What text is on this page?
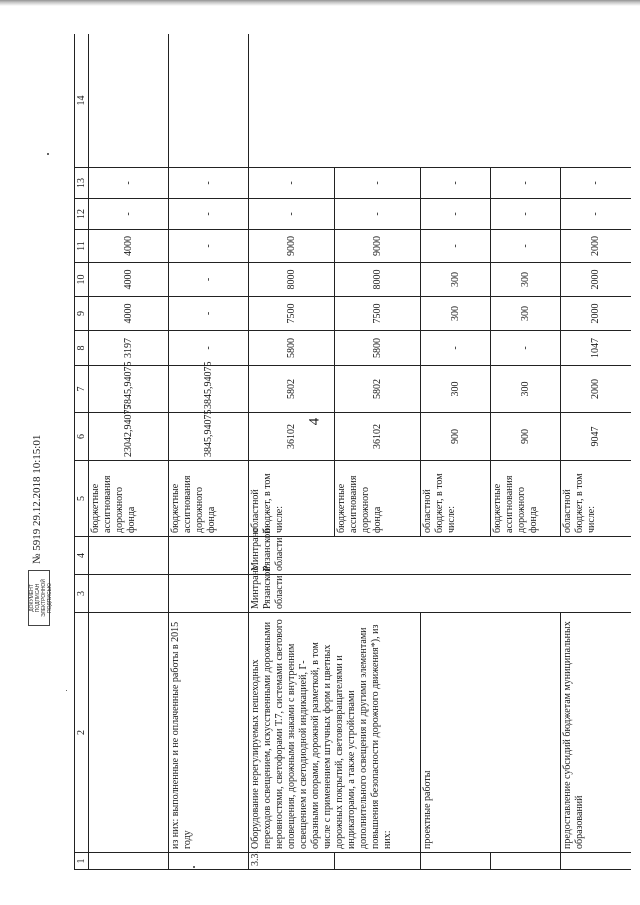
4
1	2	3	4	5	6	7	8	9	10	11	12	13	14
				бюджетные ассигнования дорожного фонда	23042,94075	7845,94075	3197	4000	4000	4000	-	-	
	из них: выполненные и не оплаченные работы в 2015 году			бюджетные ассигнования дорожного фонда	3845,94075	3845,94075	-	-	-	-	-	-	
3.3.	Оборудование нерегулируемых пешеходных переходов освещением, искусственными дорожными неровностями, светофорами Т.7, системами светового оповещения, дорожными знаками с внутренним освещением и светодиодной индикацией, Г-образными опорами, дорожной разметкой, в том числе с применением штучных форм и цветных дорожных покрытий, световозвращателями и индикаторами, а также устройствами дополнительного освещения и другими элементами повышения безопасности дорожного движения*), из них:	Минтранс Рязанской области	Минтранс Рязанской области	областной бюджет, в том числе:	36102	5802	5800	7500	8000	9000	-	-	
				бюджетные ассигнования дорожного фонда	36102	5802	5800	7500	8000	9000	-	-	
	проектные работы			областной бюджет, в том числе:	900	300	-	300	300	-	-	-	
				бюджетные ассигнования дорожного фонда	900	300	-	300	300	-	-	-	
	предоставление субсидий бюджетам муниципальных образований			областной бюджет, в том числе:	9047	2000	1047	2000	2000	2000	-	-	
ДОКУМЕНТ ПОДПИСАН ЭЛЕКТРОННОЙ ПОДПИСЬЮ
№ 5919 29.12.2018 10:15:01
